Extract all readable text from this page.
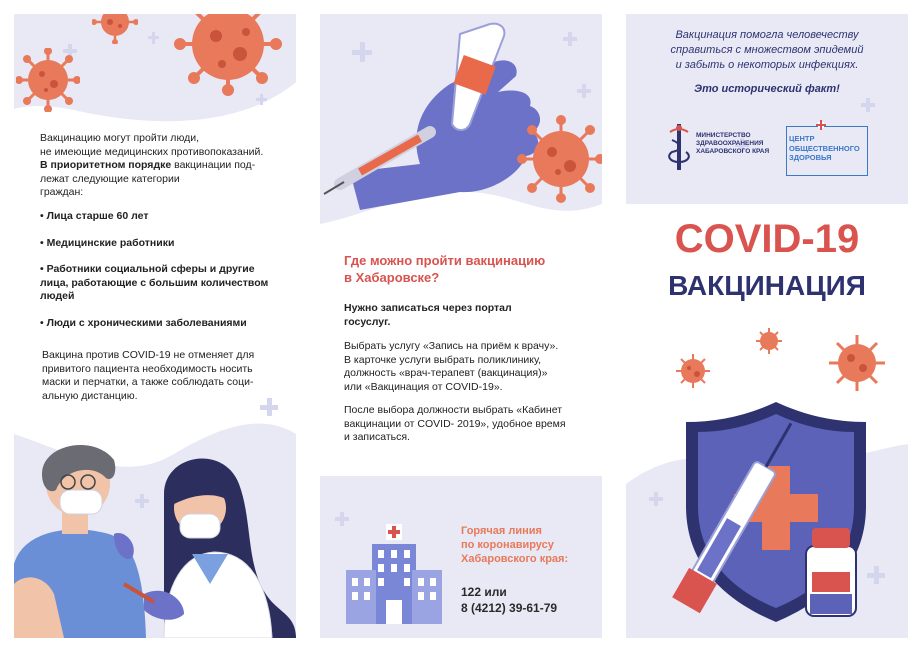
Вакцинацию могут пройти люди,
не имеющие медицинских противопоказаний.
В приоритетном порядке вакцинации под-
лежат следующие категории
граждан:
• Лица старше 60 лет
• Медицинские работники
• Работники социальной сферы и другие лица, работающие с большим количеством людей
• Люди с хроническими заболеваниями
Вакцина против COVID-19 не отменяет для
привитого пациента необходимость носить
маски и перчатки, а также соблюдать соци-
альную дистанцию.
Где можно пройти вакцинацию
в Хабаровске?
Нужно записаться через портал
госуслуг.
Выбрать услугу «Запись на приём к врачу».
В карточке услуги выбрать поликлинику,
должность «врач-терапевт (вакцинация)»
или «Вакцинация от COVID-19».
После выбора должности выбрать «Кабинет
вакцинации от COVID- 2019», удобное время
и записаться.
Горячая линия
по коронавирусу
Хабаровского края:
122 или
8 (4212) 39-61-79
Вакцинация помогла человечеству
справиться с множеством эпидемий
и забыть о некоторых инфекциях.
Это исторический факт!
МИНИСТЕРСТВО
ЗДРАВООХРАНЕНИЯ
ХАБАРОВСКОГО КРАЯ
ЦЕНТР
ОБЩЕСТВЕННОГО
ЗДОРОВЬЯ
COVID-19
ВАКЦИНАЦИЯ
